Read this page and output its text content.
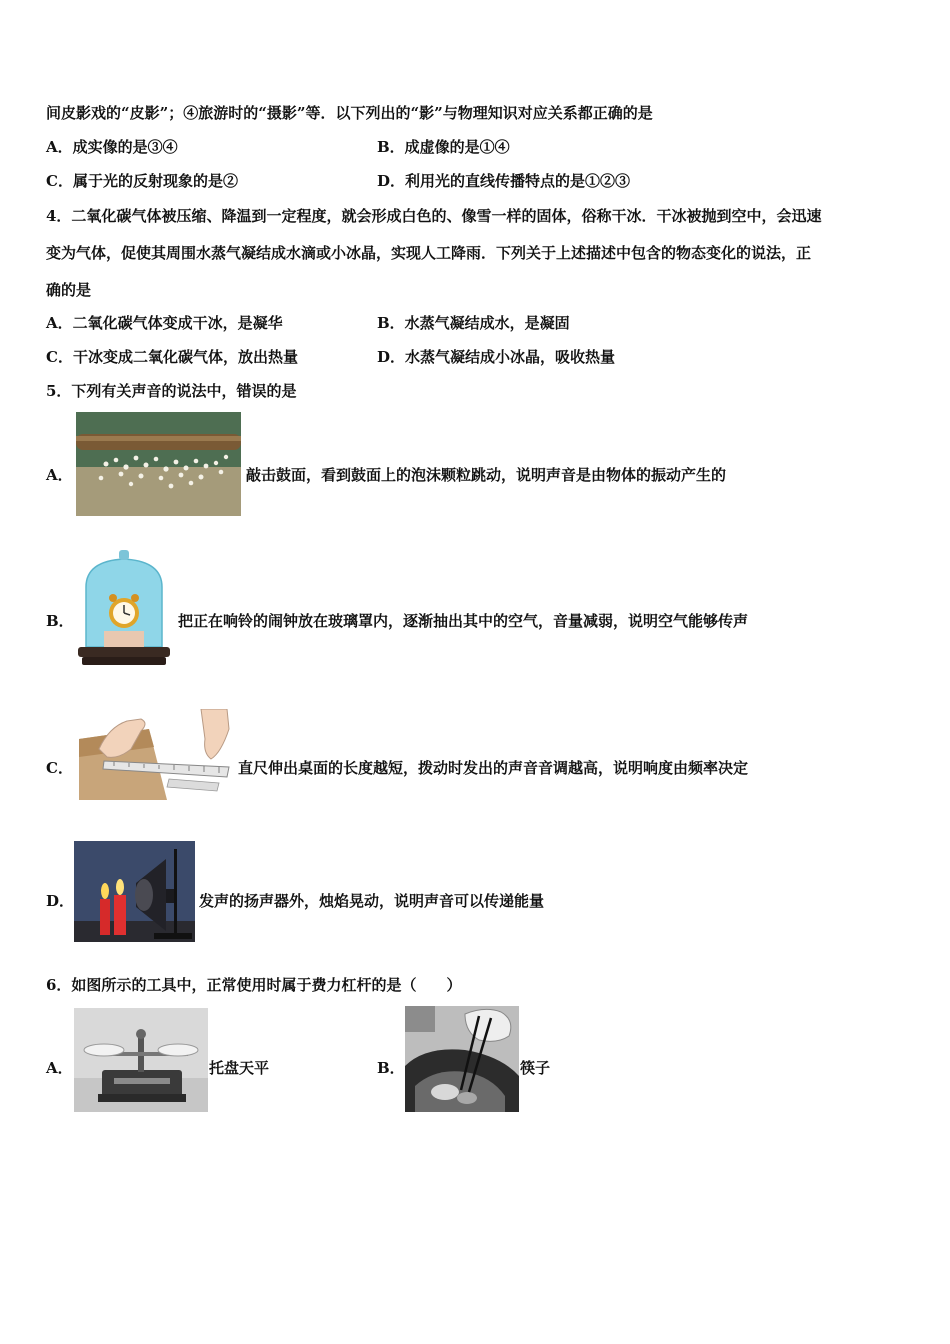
间皮影戏的“皮影”；④旅游时的“摄影”等．以下列出的“影”与物理知识对应关系都正确的是
A．成实像的是③④	B．成虚像的是①④
C．属于光的反射现象的是②	D．利用光的直线传播特点的是①②③
4．二氧化碳气体被压缩、降温到一定程度，就会形成白色的、像雪一样的固体，俗称干冰．干冰被抛到空中，会迅速
变为气体，促使其周围水蒸气凝结成水滴或小冰晶，实现人工降雨．下列关于上述描述中包含的物态变化的说法，正
确的是
A．二氧化碳气体变成干冰，是凝华	B．水蒸气凝结成水，是凝固
C．干冰变成二氧化碳气体，放出热量	D．水蒸气凝结成小冰晶，吸收热量
5．下列有关声音的说法中，错误的是
A．	敲击鼓面，看到鼓面上的泡沫颗粒跳动，说明声音是由物体的振动产生的
B．	把正在响铃的闹钟放在玻璃罩内，逐渐抽出其中的空气，音量减弱，说明空气能够传声
C．	直尺伸出桌面的长度越短，拨动时发出的声音音调越高，说明响度由频率决定
D．	发声的扬声器外，烛焰晃动，说明声音可以传递能量
6．如图所示的工具中，正常使用时属于费力杠杆的是（　　）
A．	托盘天平	B．	筷子
